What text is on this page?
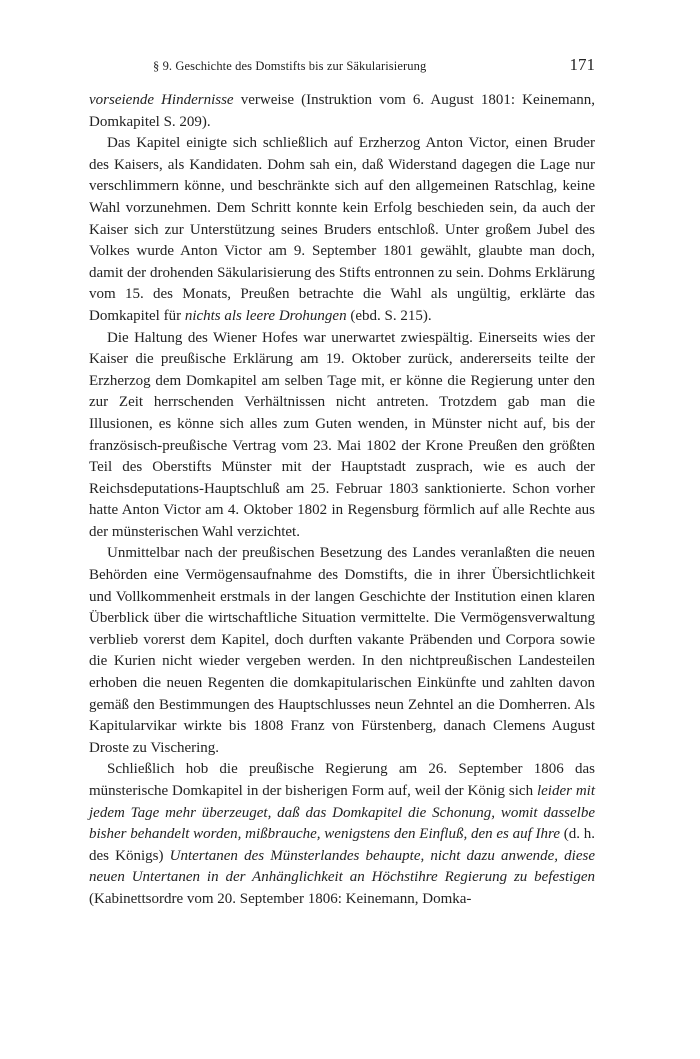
§ 9. Geschichte des Domstifts bis zur Säkularisierung	171

vorseiende Hindernisse verweise (Instruktion vom 6. August 1801: Keinemann, Domkapitel S. 209).

Das Kapitel einigte sich schließlich auf Erzherzog Anton Victor, einen Bruder des Kaisers, als Kandidaten. Dohm sah ein, daß Widerstand dagegen die Lage nur verschlimmern könne, und beschränkte sich auf den allgemeinen Ratschlag, keine Wahl vorzunehmen. Dem Schritt konnte kein Erfolg beschieden sein, da auch der Kaiser sich zur Unterstützung seines Bruders entschloß. Unter großem Jubel des Volkes wurde Anton Victor am 9. September 1801 gewählt, glaubte man doch, damit der drohenden Säkularisierung des Stifts entronnen zu sein. Dohms Erklärung vom 15. des Monats, Preußen betrachte die Wahl als ungültig, erklärte das Domkapitel für nichts als leere Drohungen (ebd. S. 215).

Die Haltung des Wiener Hofes war unerwartet zwiespältig. Einerseits wies der Kaiser die preußische Erklärung am 19. Oktober zurück, andererseits teilte der Erzherzog dem Domkapitel am selben Tage mit, er könne die Regierung unter den zur Zeit herrschenden Verhältnissen nicht antreten. Trotzdem gab man die Illusionen, es könne sich alles zum Guten wenden, in Münster nicht auf, bis der französisch-preußische Vertrag vom 23. Mai 1802 der Krone Preußen den größten Teil des Oberstifts Münster mit der Hauptstadt zusprach, wie es auch der Reichsdeputations-Hauptschluß am 25. Februar 1803 sanktionierte. Schon vorher hatte Anton Victor am 4. Oktober 1802 in Regensburg förmlich auf alle Rechte aus der münsterischen Wahl verzichtet.

Unmittelbar nach der preußischen Besetzung des Landes veranlaßten die neuen Behörden eine Vermögensaufnahme des Domstifts, die in ihrer Übersichtlichkeit und Vollkommenheit erstmals in der langen Geschichte der Institution einen klaren Überblick über die wirtschaftliche Situation vermittelte. Die Vermögensverwaltung verblieb vorerst dem Kapitel, doch durften vakante Präbenden und Corpora sowie die Kurien nicht wieder vergeben werden. In den nichtpreußischen Landesteilen erhoben die neuen Regenten die domkapitularischen Einkünfte und zahlten davon gemäß den Bestimmungen des Hauptschlusses neun Zehntel an die Domherren. Als Kapitularvikar wirkte bis 1808 Franz von Fürstenberg, danach Clemens August Droste zu Vischering.

Schließlich hob die preußische Regierung am 26. September 1806 das münsterische Domkapitel in der bisherigen Form auf, weil der König sich leider mit jedem Tage mehr überzeuget, daß das Domkapitel die Schonung, womit dasselbe bisher behandelt worden, mißbrauche, wenigstens den Einfluß, den es auf Ihre (d. h. des Königs) Untertanen des Münsterlandes behaupte, nicht dazu anwende, diese neuen Untertanen in der Anhänglichkeit an Höchstihre Regierung zu befestigen (Kabinettsordre vom 20. September 1806: Keinemann, Domka-
